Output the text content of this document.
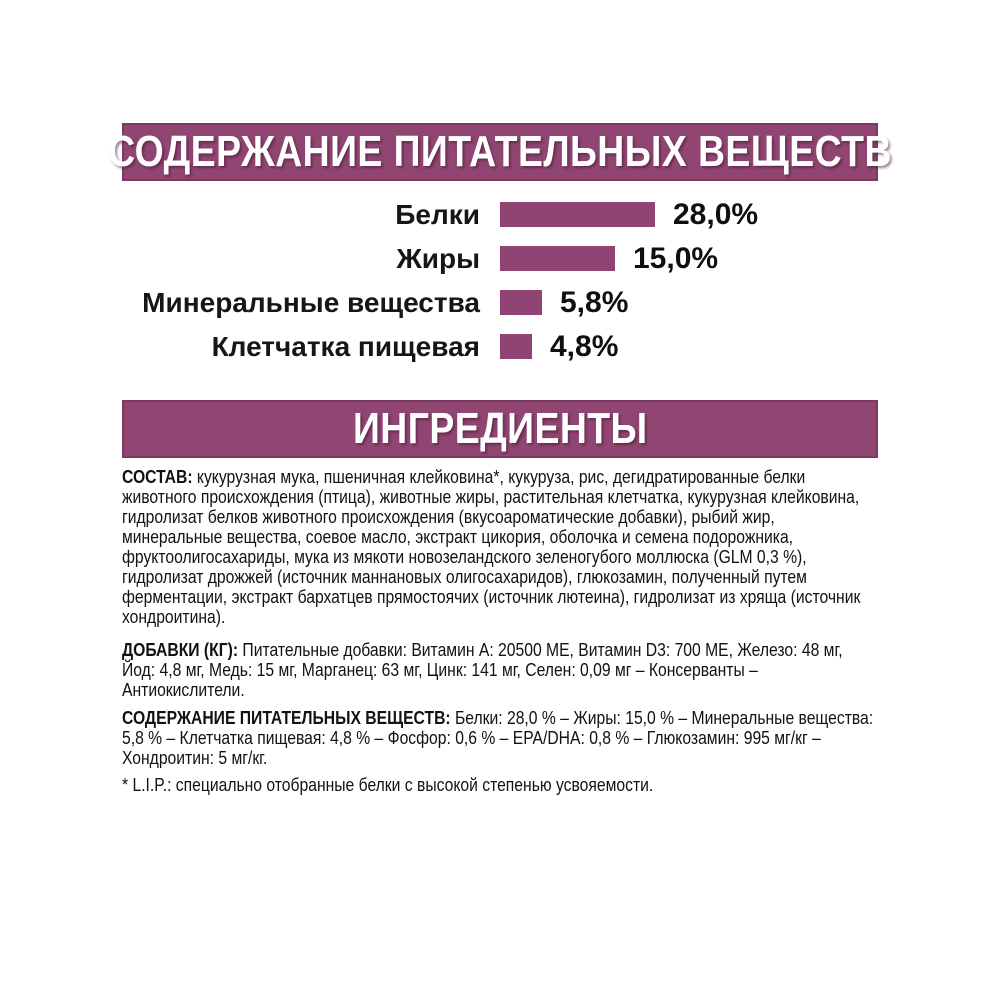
СОДЕРЖАНИЕ ПИТАТЕЛЬНЫХ ВЕЩЕСТВ
Белки	28,0%
Жиры	15,0%
Минеральные вещества	5,8%
Клетчатка пищевая	4,8%
ИНГРЕДИЕНТЫ

СОСТАВ: кукурузная мука, пшеничная клейковина*, кукуруза, рис, дегидратированные белки животного происхождения (птица), животные жиры, растительная клетчатка, кукурузная клейковина, гидролизат белков животного происхождения (вкусоароматические добавки), рыбий жир, минеральные вещества, соевое масло, экстракт цикория, оболочка и семена подорожника, фруктоолигосахариды, мука из мякоти новозеландского зеленогубого моллюска (GLM 0,3 %), гидролизат дрожжей (источник маннановых олигосахаридов), глюкозамин, полученный путем ферментации, экстракт бархатцев прямостоячих (источник лютеина), гидролизат из хряща (источник хондроитина).

ДОБАВКИ (КГ): Питательные добавки: Витамин A: 20500 МЕ, Витамин D3: 700 МЕ, Железо: 48 мг, Йод: 4,8 мг, Медь: 15 мг, Марганец: 63 мг, Цинк: 141 мг, Селен: 0,09 мг – Консерванты – Антиокислители.

СОДЕРЖАНИЕ ПИТАТЕЛЬНЫХ ВЕЩЕСТВ: Белки: 28,0 % – Жиры: 15,0 % – Минеральные вещества: 5,8 % – Клетчатка пищевая: 4,8 % – Фосфор: 0,6 % – EPA/DHA: 0,8 % – Глюкозамин: 995 мг/кг – Хондроитин: 5 мг/кг.

* L.I.P.: специально отобранные белки с высокой степенью усвояемости.
